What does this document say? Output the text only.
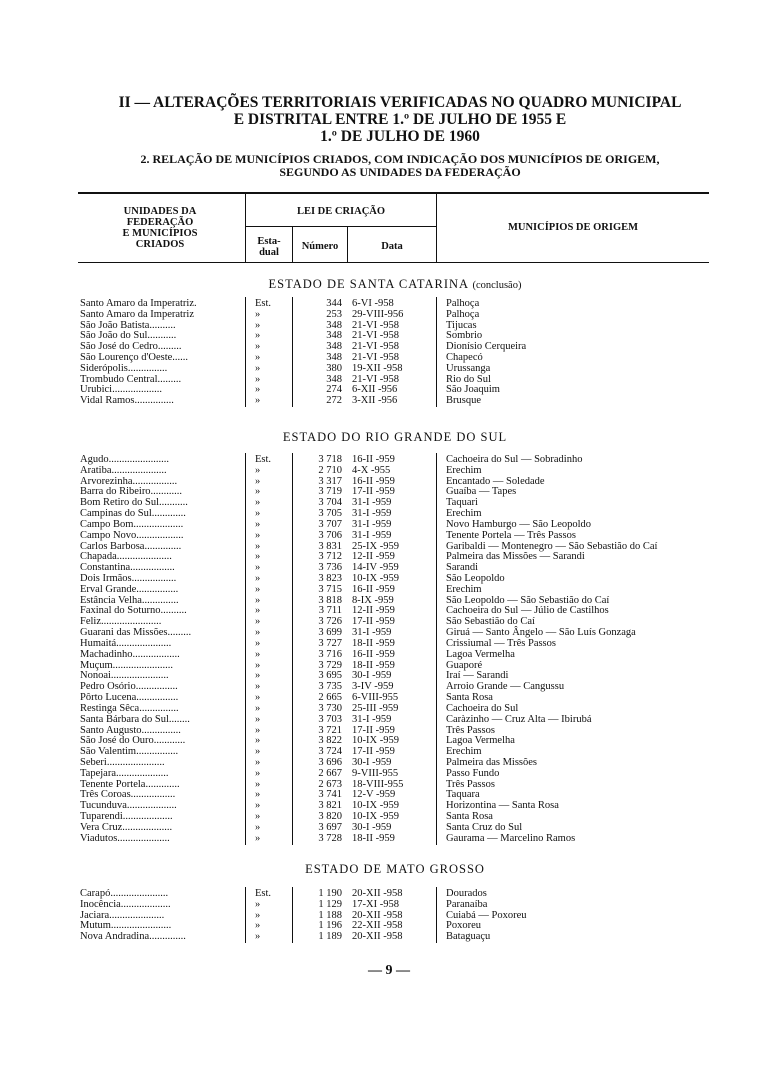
II — ALTERAÇÕES TERRITORIAIS VERIFICADAS NO QUADRO MUNICIPAL
E DISTRITAL ENTRE 1.º DE JULHO DE 1955 E
1.º DE JULHO DE 1960
2. RELAÇÃO DE MUNICÍPIOS CRIADOS, COM INDICAÇÃO DOS MUNICÍPIOS DE ORIGEM,
SEGUNDO AS UNIDADES DA FEDERAÇÃO
UNIDADES DA
FEDERAÇÃO
E MUNICÍPIOS
CRIADOS
LEI DE CRIAÇÃO
Esta-
dual
Número	Data
MUNICÍPIOS DE ORIGEM
ESTADO DE SANTA CATARINA (conclusão)
ESTADO DO RIO GRANDE DO SUL
ESTADO DE MATO GROSSO
Santo Amaro da Imperatriz.	Est.	344 6-VI -958	Palhoça
Santo Amaro da Imperatriz	»	253 29-VIII-956	Palhoça
São João Batista..........	»	348 21-VI -958	Tijucas
São João do Sul...........	»	348 21-VI -958	Sombrio
São José do Cedro.........	»	348 21-VI -958	Dionísio Cerqueira
São Lourenço d'Oeste......	»	348 21-VI -958	Chapecó
Siderópolis...............	»	380 19-XII -958	Urussanga
Trombudo Central.........	»	348 21-VI -958	Rio do Sul
Urubici...................	»	274 6-XII -956	São Joaquim
Vidal Ramos...............	»	272 3-XII -956	Brusque
Agudo.......................	Est.	3 718 16-II -959	Cachoeira do Sul — Sobradinho
Aratiba.....................	»	2 710 4-X -955	Erechim
Arvorezinha.................	»	3 317 16-II -959	Encantado — Soledade
Barra do Ribeiro............	»	3 719 17-II -959	Guaíba — Tapes
Bom Retiro do Sul...........	»	3 704 31-I -959	Taquari
Campinas do Sul.............	»	3 705 31-I -959	Erechim
Campo Bom...................	»	3 707 31-I -959	Novo Hamburgo — São Leopoldo
Campo Novo..................	»	3 706 31-I -959	Tenente Portela — Três Passos
Carlos Barbosa..............	»	3 831 25-IX -959	Garibaldi — Montenegro — São Sebastião do Caí
Chapada.....................	»	3 712 12-II -959	Palmeira das Missões — Sarandi
Constantina.................	»	3 736 14-IV -959	Sarandi
Dois Irmãos.................	»	3 823 10-IX -959	São Leopoldo
Erval Grande................	»	3 715 16-II -959	Erechim
Estância Velha..............	»	3 818 8-IX -959	São Leopoldo — São Sebastião do Caí
Faxinal do Soturno..........	»	3 711 12-II -959	Cachoeira do Sul — Júlio de Castilhos
Feliz.......................	»	3 726 17-II -959	São Sebastião do Caí
Guarani das Missões.........	»	3 699 31-I -959	Giruá — Santo Ângelo — São Luís Gonzaga
Humaitá.....................	»	3 727 18-II -959	Crissiumal — Três Passos
Machadinho..................	»	3 716 16-II -959	Lagoa Vermelha
Muçum.......................	»	3 729 18-II -959	Guaporé
Nonoai......................	»	3 695 30-I -959	Iraí — Sarandi
Pedro Osório................	»	3 735 3-IV -959	Arroio Grande — Cangussu
Pôrto Lucena................	»	2 665 6-VIII-955	Santa Rosa
Restinga Sêca...............	»	3 730 25-III -959	Cachoeira do Sul
Santa Bárbara do Sul........	»	3 703 31-I -959	Caràzinho — Cruz Alta — Ibirubá
Santo Augusto...............	»	3 721 17-II -959	Três Passos
São José do Ouro............	»	3 822 10-IX -959	Lagoa Vermelha
São Valentim................	»	3 724 17-II -959	Erechim
Seberi......................	»	3 696 30-I -959	Palmeira das Missões
Tapejara....................	»	2 667 9-VIII-955	Passo Fundo
Tenente Portela.............	»	2 673 18-VIII-955	Três Passos
Três Coroas.................	»	3 741 12-V -959	Taquara
Tucunduva...................	»	3 821 10-IX -959	Horizontina — Santa Rosa
Tuparendi...................	»	3 820 10-IX -959	Santa Rosa
Vera Cruz...................	»	3 697 30-I -959	Santa Cruz do Sul
Viadutos....................	»	3 728 18-II -959	Gaurama — Marcelino Ramos
Carapó......................	Est.	1 190 20-XII -958	Dourados
Inocência...................	»	1 129 17-XI -958	Paranaíba
Jaciara.....................	»	1 188 20-XII -958	Cuiabá — Poxoreu
Mutum.......................	»	1 196 22-XII -958	Poxoreu
Nova Andradina..............	»	1 189 20-XII -958	Bataguaçu
— 9 —
